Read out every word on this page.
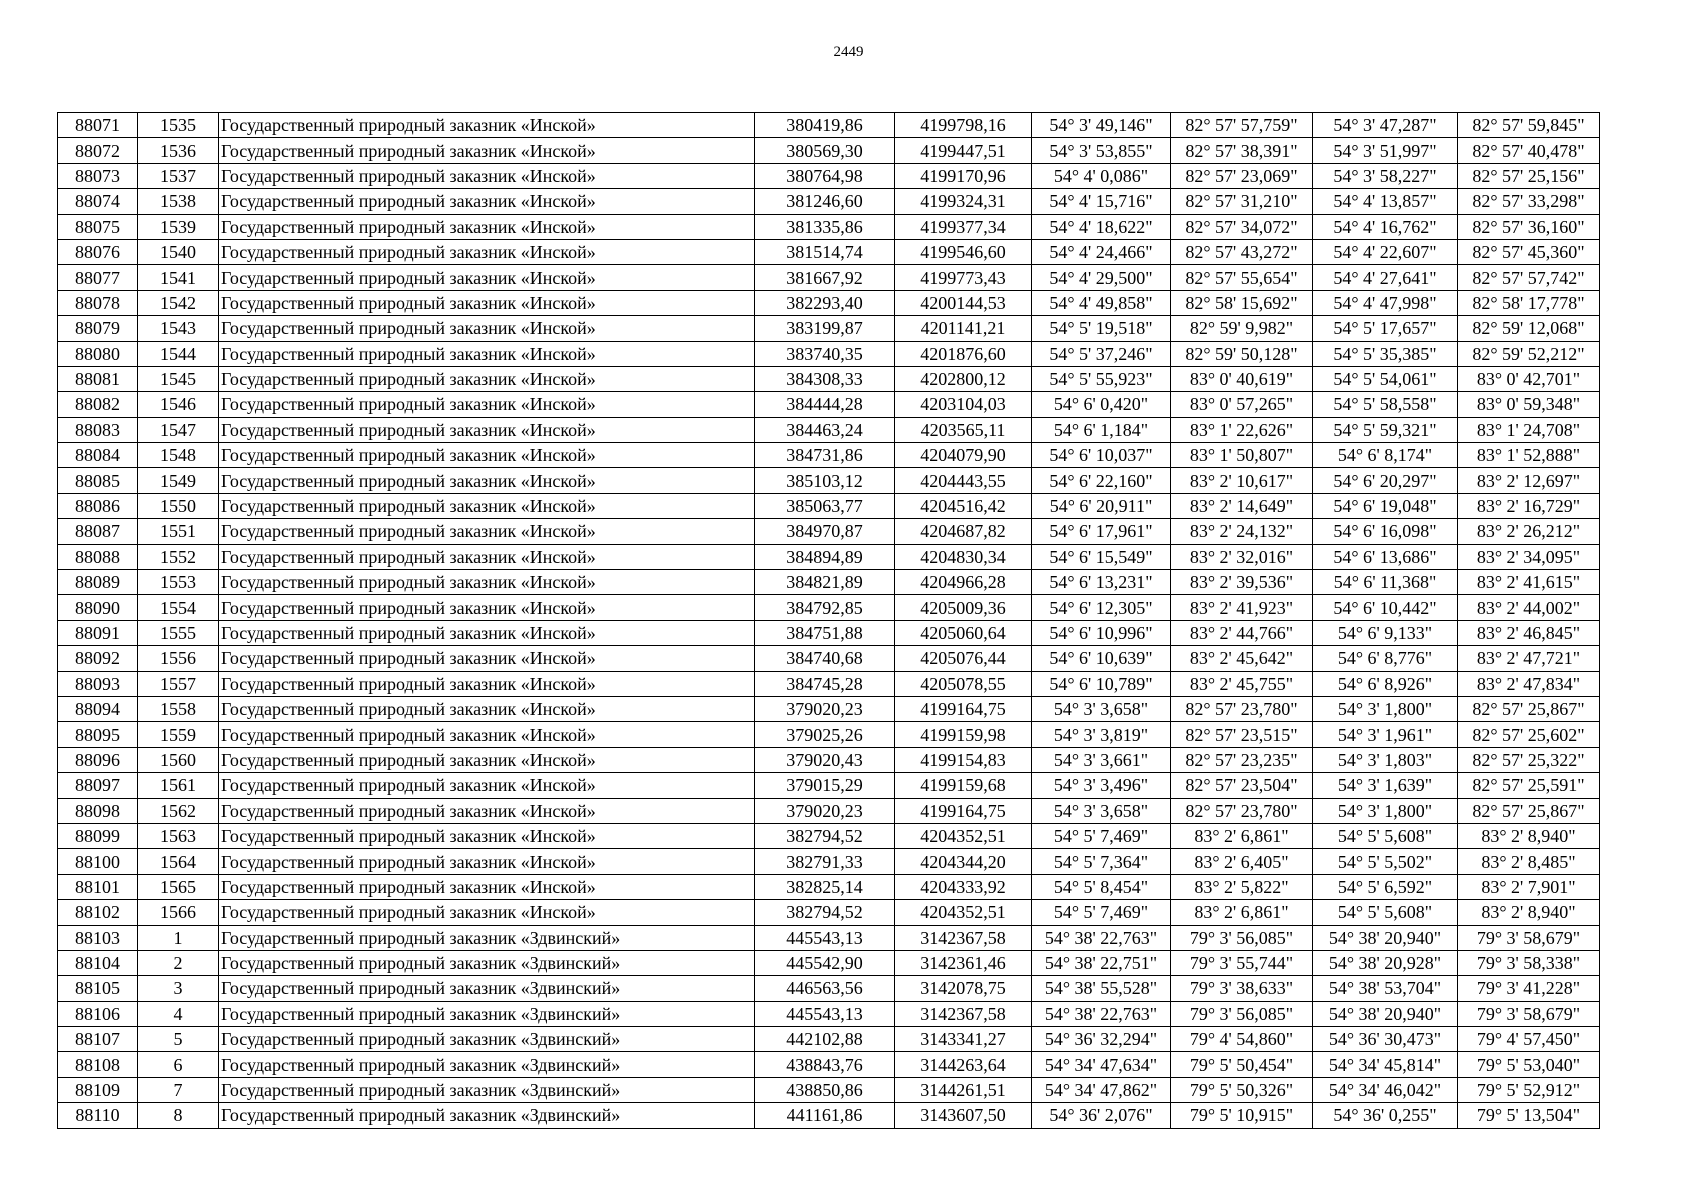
2449
88071	1535	Государственный природный заказник «Инской»	380419,86	4199798,16	54° 3' 49,146"	82° 57' 57,759"	54° 3' 47,287"	82° 57' 59,845"
88072	1536	Государственный природный заказник «Инской»	380569,30	4199447,51	54° 3' 53,855"	82° 57' 38,391"	54° 3' 51,997"	82° 57' 40,478"
88073	1537	Государственный природный заказник «Инской»	380764,98	4199170,96	54° 4' 0,086"	82° 57' 23,069"	54° 3' 58,227"	82° 57' 25,156"
88074	1538	Государственный природный заказник «Инской»	381246,60	4199324,31	54° 4' 15,716"	82° 57' 31,210"	54° 4' 13,857"	82° 57' 33,298"
88075	1539	Государственный природный заказник «Инской»	381335,86	4199377,34	54° 4' 18,622"	82° 57' 34,072"	54° 4' 16,762"	82° 57' 36,160"
88076	1540	Государственный природный заказник «Инской»	381514,74	4199546,60	54° 4' 24,466"	82° 57' 43,272"	54° 4' 22,607"	82° 57' 45,360"
88077	1541	Государственный природный заказник «Инской»	381667,92	4199773,43	54° 4' 29,500"	82° 57' 55,654"	54° 4' 27,641"	82° 57' 57,742"
88078	1542	Государственный природный заказник «Инской»	382293,40	4200144,53	54° 4' 49,858"	82° 58' 15,692"	54° 4' 47,998"	82° 58' 17,778"
88079	1543	Государственный природный заказник «Инской»	383199,87	4201141,21	54° 5' 19,518"	82° 59' 9,982"	54° 5' 17,657"	82° 59' 12,068"
88080	1544	Государственный природный заказник «Инской»	383740,35	4201876,60	54° 5' 37,246"	82° 59' 50,128"	54° 5' 35,385"	82° 59' 52,212"
88081	1545	Государственный природный заказник «Инской»	384308,33	4202800,12	54° 5' 55,923"	83° 0' 40,619"	54° 5' 54,061"	83° 0' 42,701"
88082	1546	Государственный природный заказник «Инской»	384444,28	4203104,03	54° 6' 0,420"	83° 0' 57,265"	54° 5' 58,558"	83° 0' 59,348"
88083	1547	Государственный природный заказник «Инской»	384463,24	4203565,11	54° 6' 1,184"	83° 1' 22,626"	54° 5' 59,321"	83° 1' 24,708"
88084	1548	Государственный природный заказник «Инской»	384731,86	4204079,90	54° 6' 10,037"	83° 1' 50,807"	54° 6' 8,174"	83° 1' 52,888"
88085	1549	Государственный природный заказник «Инской»	385103,12	4204443,55	54° 6' 22,160"	83° 2' 10,617"	54° 6' 20,297"	83° 2' 12,697"
88086	1550	Государственный природный заказник «Инской»	385063,77	4204516,42	54° 6' 20,911"	83° 2' 14,649"	54° 6' 19,048"	83° 2' 16,729"
88087	1551	Государственный природный заказник «Инской»	384970,87	4204687,82	54° 6' 17,961"	83° 2' 24,132"	54° 6' 16,098"	83° 2' 26,212"
88088	1552	Государственный природный заказник «Инской»	384894,89	4204830,34	54° 6' 15,549"	83° 2' 32,016"	54° 6' 13,686"	83° 2' 34,095"
88089	1553	Государственный природный заказник «Инской»	384821,89	4204966,28	54° 6' 13,231"	83° 2' 39,536"	54° 6' 11,368"	83° 2' 41,615"
88090	1554	Государственный природный заказник «Инской»	384792,85	4205009,36	54° 6' 12,305"	83° 2' 41,923"	54° 6' 10,442"	83° 2' 44,002"
88091	1555	Государственный природный заказник «Инской»	384751,88	4205060,64	54° 6' 10,996"	83° 2' 44,766"	54° 6' 9,133"	83° 2' 46,845"
88092	1556	Государственный природный заказник «Инской»	384740,68	4205076,44	54° 6' 10,639"	83° 2' 45,642"	54° 6' 8,776"	83° 2' 47,721"
88093	1557	Государственный природный заказник «Инской»	384745,28	4205078,55	54° 6' 10,789"	83° 2' 45,755"	54° 6' 8,926"	83° 2' 47,834"
88094	1558	Государственный природный заказник «Инской»	379020,23	4199164,75	54° 3' 3,658"	82° 57' 23,780"	54° 3' 1,800"	82° 57' 25,867"
88095	1559	Государственный природный заказник «Инской»	379025,26	4199159,98	54° 3' 3,819"	82° 57' 23,515"	54° 3' 1,961"	82° 57' 25,602"
88096	1560	Государственный природный заказник «Инской»	379020,43	4199154,83	54° 3' 3,661"	82° 57' 23,235"	54° 3' 1,803"	82° 57' 25,322"
88097	1561	Государственный природный заказник «Инской»	379015,29	4199159,68	54° 3' 3,496"	82° 57' 23,504"	54° 3' 1,639"	82° 57' 25,591"
88098	1562	Государственный природный заказник «Инской»	379020,23	4199164,75	54° 3' 3,658"	82° 57' 23,780"	54° 3' 1,800"	82° 57' 25,867"
88099	1563	Государственный природный заказник «Инской»	382794,52	4204352,51	54° 5' 7,469"	83° 2' 6,861"	54° 5' 5,608"	83° 2' 8,940"
88100	1564	Государственный природный заказник «Инской»	382791,33	4204344,20	54° 5' 7,364"	83° 2' 6,405"	54° 5' 5,502"	83° 2' 8,485"
88101	1565	Государственный природный заказник «Инской»	382825,14	4204333,92	54° 5' 8,454"	83° 2' 5,822"	54° 5' 6,592"	83° 2' 7,901"
88102	1566	Государственный природный заказник «Инской»	382794,52	4204352,51	54° 5' 7,469"	83° 2' 6,861"	54° 5' 5,608"	83° 2' 8,940"
88103	1	Государственный природный заказник «Здвинский»	445543,13	3142367,58	54° 38' 22,763"	79° 3' 56,085"	54° 38' 20,940"	79° 3' 58,679"
88104	2	Государственный природный заказник «Здвинский»	445542,90	3142361,46	54° 38' 22,751"	79° 3' 55,744"	54° 38' 20,928"	79° 3' 58,338"
88105	3	Государственный природный заказник «Здвинский»	446563,56	3142078,75	54° 38' 55,528"	79° 3' 38,633"	54° 38' 53,704"	79° 3' 41,228"
88106	4	Государственный природный заказник «Здвинский»	445543,13	3142367,58	54° 38' 22,763"	79° 3' 56,085"	54° 38' 20,940"	79° 3' 58,679"
88107	5	Государственный природный заказник «Здвинский»	442102,88	3143341,27	54° 36' 32,294"	79° 4' 54,860"	54° 36' 30,473"	79° 4' 57,450"
88108	6	Государственный природный заказник «Здвинский»	438843,76	3144263,64	54° 34' 47,634"	79° 5' 50,454"	54° 34' 45,814"	79° 5' 53,040"
88109	7	Государственный природный заказник «Здвинский»	438850,86	3144261,51	54° 34' 47,862"	79° 5' 50,326"	54° 34' 46,042"	79° 5' 52,912"
88110	8	Государственный природный заказник «Здвинский»	441161,86	3143607,50	54° 36' 2,076"	79° 5' 10,915"	54° 36' 0,255"	79° 5' 13,504"
